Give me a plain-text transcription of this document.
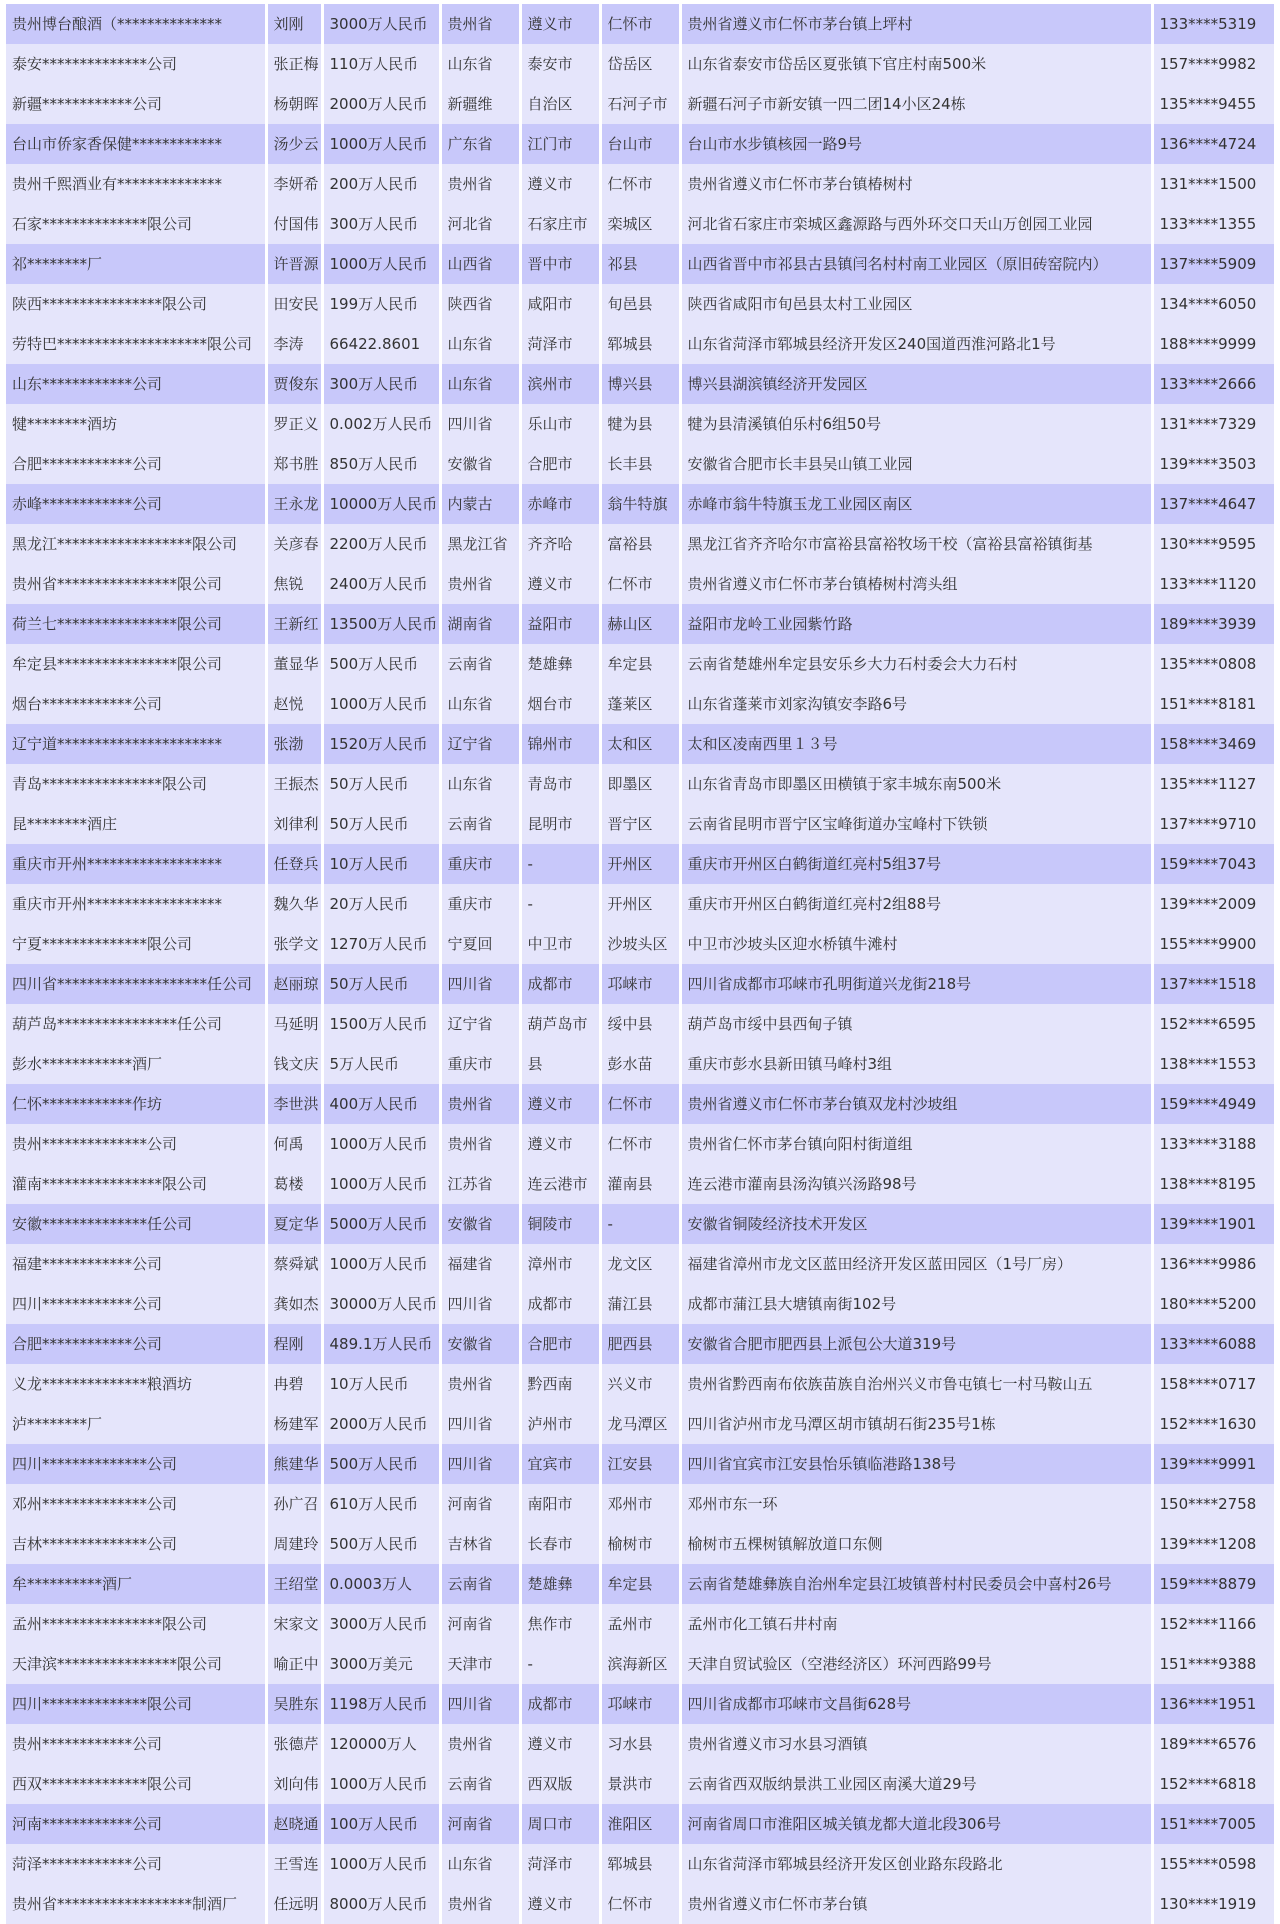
贵州博台酿酒（**************	刘刚	3000万人民币	贵州省	遵义市	仁怀市	贵州省遵义市仁怀市茅台镇上坪村	133****5319
泰安**************公司	张正梅	110万人民币	山东省	泰安市	岱岳区	山东省泰安市岱岳区夏张镇下官庄村南500米	157****9982
新疆************公司	杨朝晖	2000万人民币	新疆维	自治区	石河子市	新疆石河子市新安镇一四二团14小区24栋	135****9455
台山市侨家香保健************	汤少云	1000万人民币	广东省	江门市	台山市	台山市水步镇核园一路9号	136****4724
贵州千熙酒业有**************	李妍希	200万人民币	贵州省	遵义市	仁怀市	贵州省遵义市仁怀市茅台镇椿树村	131****1500
石家**************限公司	付国伟	300万人民币	河北省	石家庄市	栾城区	河北省石家庄市栾城区鑫源路与西外环交口天山万创园工业园	133****1355
祁********厂	许晋源	1000万人民币	山西省	晋中市	祁县	山西省晋中市祁县古县镇闫名村村南工业园区（原旧砖窑院内）	137****5909
陕西****************限公司	田安民	199万人民币	陕西省	咸阳市	旬邑县	陕西省咸阳市旬邑县太村工业园区	134****6050
劳特巴********************限公司	李涛	66422.8601	山东省	菏泽市	郓城县	山东省菏泽市郓城县经济开发区240国道西淮河路北1号	188****9999
山东************公司	贾俊东	300万人民币	山东省	滨州市	博兴县	博兴县湖滨镇经济开发园区	133****2666
犍********酒坊	罗正义	0.002万人民币	四川省	乐山市	犍为县	犍为县清溪镇伯乐村6组50号	131****7329
合肥************公司	郑书胜	850万人民币	安徽省	合肥市	长丰县	安徽省合肥市长丰县吴山镇工业园	139****3503
赤峰************公司	王永龙	10000万人民币	内蒙古	赤峰市	翁牛特旗	赤峰市翁牛特旗玉龙工业园区南区	137****4647
黑龙江******************限公司	关彦春	2200万人民币	黑龙江省	齐齐哈	富裕县	黑龙江省齐齐哈尔市富裕县富裕牧场干校（富裕县富裕镇街基	130****9595
贵州省****************限公司	焦锐	2400万人民币	贵州省	遵义市	仁怀市	贵州省遵义市仁怀市茅台镇椿树村湾头组	133****1120
荷兰七****************限公司	王新红	13500万人民币	湖南省	益阳市	赫山区	益阳市龙岭工业园紫竹路	189****3939
牟定县****************限公司	董显华	500万人民币	云南省	楚雄彝	牟定县	云南省楚雄州牟定县安乐乡大力石村委会大力石村	135****0808
烟台************公司	赵悦	1000万人民币	山东省	烟台市	蓬莱区	山东省蓬莱市刘家沟镇安李路6号	151****8181
辽宁道**********************	张渤	1520万人民币	辽宁省	锦州市	太和区	太和区凌南西里１３号	158****3469
青岛****************限公司	王振杰	50万人民币	山东省	青岛市	即墨区	山东省青岛市即墨区田横镇于家丰城东南500米	135****1127
昆********酒庄	刘律利	50万人民币	云南省	昆明市	晋宁区	云南省昆明市晋宁区宝峰街道办宝峰村下铁锁	137****9710
重庆市开州******************	任登兵	10万人民币	重庆市	-	开州区	重庆市开州区白鹤街道红亮村5组37号	159****7043
重庆市开州******************	魏久华	20万人民币	重庆市	-	开州区	重庆市开州区白鹤街道红亮村2组88号	139****2009
宁夏**************限公司	张学文	1270万人民币	宁夏回	中卫市	沙坡头区	中卫市沙坡头区迎水桥镇牛滩村	155****9900
四川省********************任公司	赵丽琼	50万人民币	四川省	成都市	邛崃市	四川省成都市邛崃市孔明街道兴龙街218号	137****1518
葫芦岛****************任公司	马延明	1500万人民币	辽宁省	葫芦岛市	绥中县	葫芦岛市绥中县西甸子镇	152****6595
彭水************酒厂	钱文庆	5万人民币	重庆市	县	彭水苗	重庆市彭水县新田镇马峰村3组	138****1553
仁怀************作坊	李世洪	400万人民币	贵州省	遵义市	仁怀市	贵州省遵义市仁怀市茅台镇双龙村沙坡组	159****4949
贵州**************公司	何禹	1000万人民币	贵州省	遵义市	仁怀市	贵州省仁怀市茅台镇向阳村街道组	133****3188
灌南****************限公司	葛楼	1000万人民币	江苏省	连云港市	灌南县	连云港市灌南县汤沟镇兴汤路98号	138****8195
安徽**************任公司	夏定华	5000万人民币	安徽省	铜陵市	-	安徽省铜陵经济技术开发区	139****1901
福建************公司	蔡舜斌	1000万人民币	福建省	漳州市	龙文区	福建省漳州市龙文区蓝田经济开发区蓝田园区（1号厂房）	136****9986
四川************公司	龚如杰	30000万人民币	四川省	成都市	蒲江县	成都市蒲江县大塘镇南街102号	180****5200
合肥************公司	程刚	489.1万人民币	安徽省	合肥市	肥西县	安徽省合肥市肥西县上派包公大道319号	133****6088
义龙**************粮酒坊	冉碧	10万人民币	贵州省	黔西南	兴义市	贵州省黔西南布依族苗族自治州兴义市鲁屯镇七一村马鞍山五	158****0717
泸********厂	杨建军	2000万人民币	四川省	泸州市	龙马潭区	四川省泸州市龙马潭区胡市镇胡石街235号1栋	152****1630
四川**************公司	熊建华	500万人民币	四川省	宜宾市	江安县	四川省宜宾市江安县怡乐镇临港路138号	139****9991
邓州**************公司	孙广召	610万人民币	河南省	南阳市	邓州市	邓州市东一环	150****2758
吉林**************公司	周建玲	500万人民币	吉林省	长春市	榆树市	榆树市五棵树镇解放道口东侧	139****1208
牟**********酒厂	王绍堂	0.0003万人	云南省	楚雄彝	牟定县	云南省楚雄彝族自治州牟定县江坡镇普村村民委员会中喜村26号	159****8879
孟州****************限公司	宋家文	3000万人民币	河南省	焦作市	孟州市	孟州市化工镇石井村南	152****1166
天津滨****************限公司	喻正中	3000万美元	天津市	-	滨海新区	天津自贸试验区（空港经济区）环河西路99号	151****9388
四川**************限公司	吴胜东	1198万人民币	四川省	成都市	邛崃市	四川省成都市邛崃市文昌街628号	136****1951
贵州************公司	张德芹	120000万人	贵州省	遵义市	习水县	贵州省遵义市习水县习酒镇	189****6576
西双**************限公司	刘向伟	1000万人民币	云南省	西双版	景洪市	云南省西双版纳景洪工业园区南溪大道29号	152****6818
河南************公司	赵晓通	100万人民币	河南省	周口市	淮阳区	河南省周口市淮阳区城关镇龙都大道北段306号	151****7005
菏泽************公司	王雪连	1000万人民币	山东省	菏泽市	郓城县	山东省菏泽市郓城县经济开发区创业路东段路北	155****0598
贵州省******************制酒厂	任远明	8000万人民币	贵州省	遵义市	仁怀市	贵州省遵义市仁怀市茅台镇	130****1919
